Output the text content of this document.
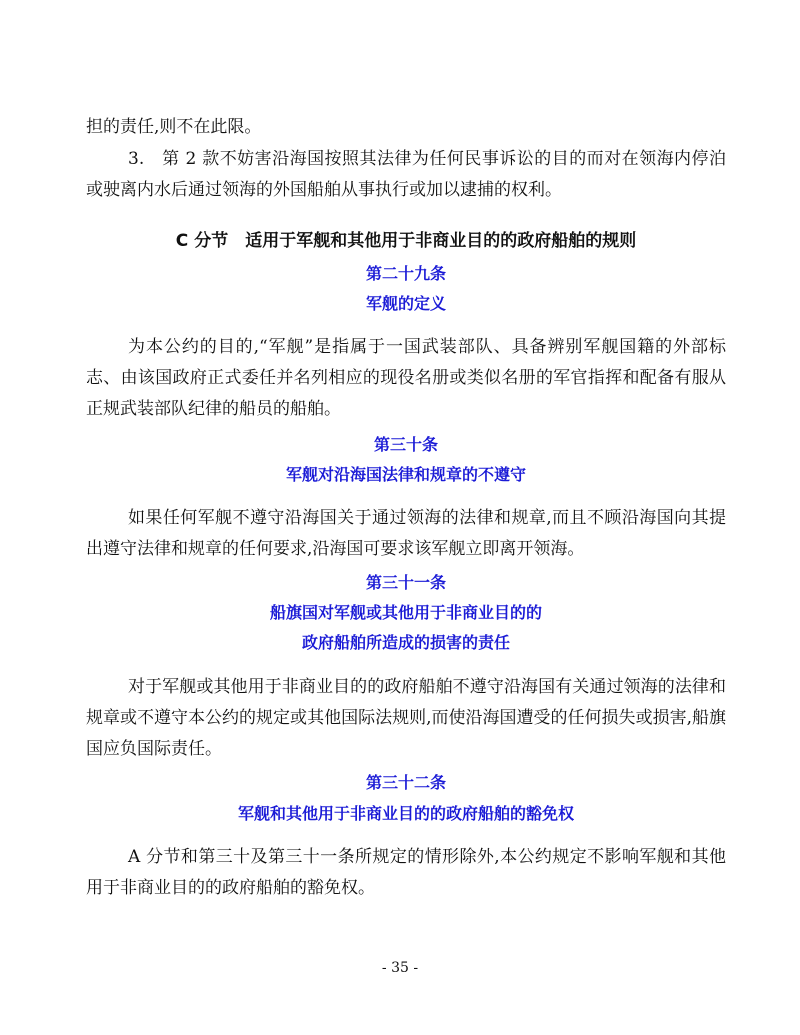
担的责任,则不在此限。

3.　第 2 款不妨害沿海国按照其法律为任何民事诉讼的目的而对在领海内停泊或驶离内水后通过领海的外国船舶从事执行或加以逮捕的权利。

C 分节　适用于军舰和其他用于非商业目的的政府船舶的规则
第二十九条
军舰的定义

为本公约的目的,“军舰”是指属于一国武装部队、具备辨别军舰国籍的外部标志、由该国政府正式委任并名列相应的现役名册或类似名册的军官指挥和配备有服从正规武装部队纪律的船员的船舶。

第三十条
军舰对沿海国法律和规章的不遵守

如果任何军舰不遵守沿海国关于通过领海的法律和规章,而且不顾沿海国向其提出遵守法律和规章的任何要求,沿海国可要求该军舰立即离开领海。

第三十一条
船旗国对军舰或其他用于非商业目的的
政府船舶所造成的损害的责任

对于军舰或其他用于非商业目的的政府船舶不遵守沿海国有关通过领海的法律和规章或不遵守本公约的规定或其他国际法规则,而使沿海国遭受的任何损失或损害,船旗国应负国际责任。

第三十二条
军舰和其他用于非商业目的的政府船舶的豁免权

A 分节和第三十及第三十一条所规定的情形除外,本公约规定不影响军舰和其他用于非商业目的的政府船舶的豁免权。

- 35 -
